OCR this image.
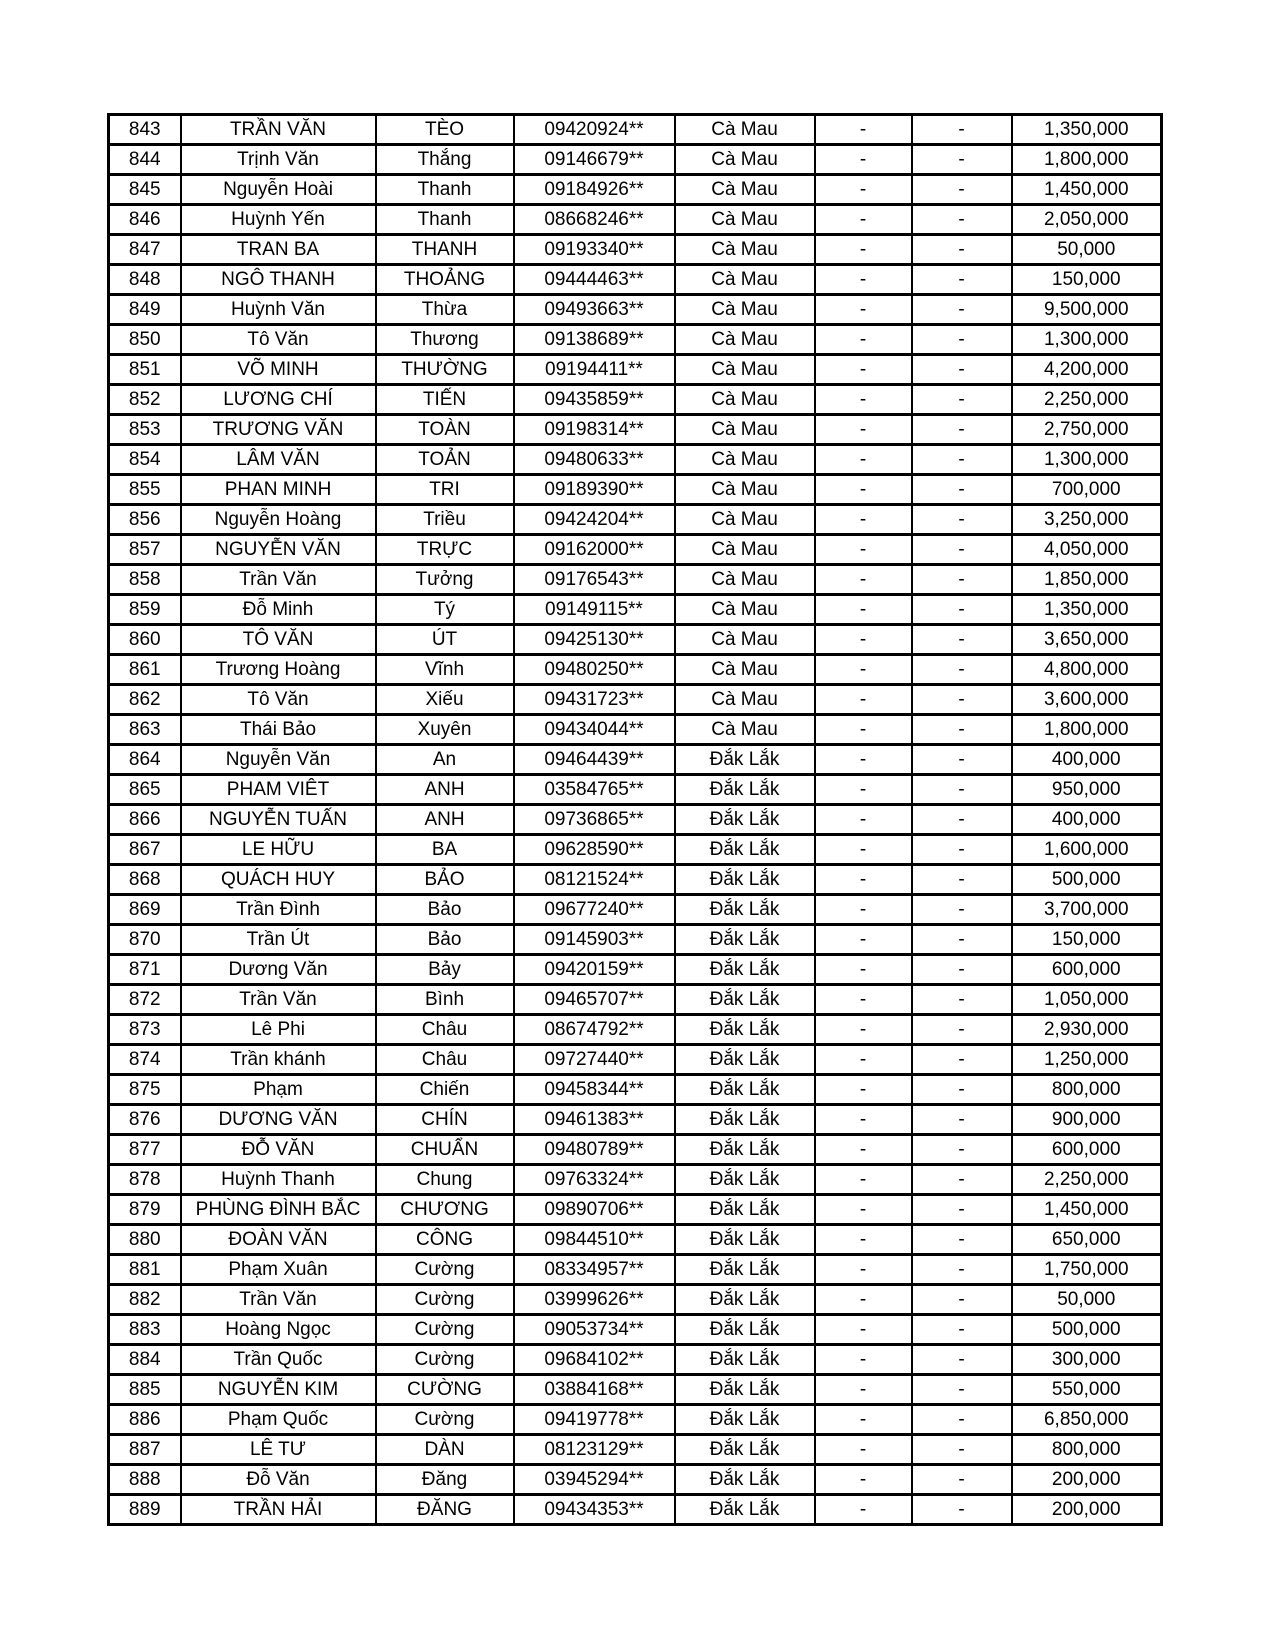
843	TRẦN VĂN	TÈO	09420924**	Cà Mau	-	-	1,350,000
844	Trịnh Văn	Thắng	09146679**	Cà Mau	-	-	1,800,000
845	Nguyễn Hoài	Thanh	09184926**	Cà Mau	-	-	1,450,000
846	Huỳnh Yến	Thanh	08668246**	Cà Mau	-	-	2,050,000
847	TRAN BA	THANH	09193340**	Cà Mau	-	-	50,000
848	NGÔ THANH	THOẢNG	09444463**	Cà Mau	-	-	150,000
849	Huỳnh Văn	Thừa	09493663**	Cà Mau	-	-	9,500,000
850	Tô Văn	Thương	09138689**	Cà Mau	-	-	1,300,000
851	VÕ MINH	THƯỜNG	09194411**	Cà Mau	-	-	4,200,000
852	LƯƠNG CHÍ	TIẾN	09435859**	Cà Mau	-	-	2,250,000
853	TRƯƠNG VĂN	TOÀN	09198314**	Cà Mau	-	-	2,750,000
854	LÂM VĂN	TOẢN	09480633**	Cà Mau	-	-	1,300,000
855	PHAN MINH	TRI	09189390**	Cà Mau	-	-	700,000
856	Nguyễn Hoàng	Triều	09424204**	Cà Mau	-	-	3,250,000
857	NGUYỄN VĂN	TRỰC	09162000**	Cà Mau	-	-	4,050,000
858	Trần Văn	Tưởng	09176543**	Cà Mau	-	-	1,850,000
859	Đỗ Minh	Tý	09149115**	Cà Mau	-	-	1,350,000
860	TÔ VĂN	ÚT	09425130**	Cà Mau	-	-	3,650,000
861	Trương Hoàng	Vĩnh	09480250**	Cà Mau	-	-	4,800,000
862	Tô Văn	Xiếu	09431723**	Cà Mau	-	-	3,600,000
863	Thái Bảo	Xuyên	09434044**	Cà Mau	-	-	1,800,000
864	Nguyễn Văn	An	09464439**	Đắk Lắk	-	-	400,000
865	PHAM VIÊT	ANH	03584765**	Đắk Lắk	-	-	950,000
866	NGUYỄN TUẤN	ANH	09736865**	Đắk Lắk	-	-	400,000
867	LE HỮU	BA	09628590**	Đắk Lắk	-	-	1,600,000
868	QUÁCH HUY	BẢO	08121524**	Đắk Lắk	-	-	500,000
869	Trần Đình	Bảo	09677240**	Đắk Lắk	-	-	3,700,000
870	Trần Út	Bảo	09145903**	Đắk Lắk	-	-	150,000
871	Dương Văn	Bảy	09420159**	Đắk Lắk	-	-	600,000
872	Trần Văn	Bình	09465707**	Đắk Lắk	-	-	1,050,000
873	Lê Phi	Châu	08674792**	Đắk Lắk	-	-	2,930,000
874	Trần khánh	Châu	09727440**	Đắk Lắk	-	-	1,250,000
875	Phạm	Chiến	09458344**	Đắk Lắk	-	-	800,000
876	DƯƠNG VĂN	CHÍN	09461383**	Đắk Lắk	-	-	900,000
877	ĐỖ VĂN	CHUẨN	09480789**	Đắk Lắk	-	-	600,000
878	Huỳnh Thanh	Chung	09763324**	Đắk Lắk	-	-	2,250,000
879	PHÙNG ĐÌNH BẮC	CHƯƠNG	09890706**	Đắk Lắk	-	-	1,450,000
880	ĐOÀN VĂN	CÔNG	09844510**	Đắk Lắk	-	-	650,000
881	Phạm Xuân	Cường	08334957**	Đắk Lắk	-	-	1,750,000
882	Trần Văn	Cường	03999626**	Đắk Lắk	-	-	50,000
883	Hoàng Ngọc	Cường	09053734**	Đắk Lắk	-	-	500,000
884	Trần Quốc	Cường	09684102**	Đắk Lắk	-	-	300,000
885	NGUYỄN KIM	CƯỜNG	03884168**	Đắk Lắk	-	-	550,000
886	Phạm Quốc	Cường	09419778**	Đắk Lắk	-	-	6,850,000
887	LÊ TƯ	DÀN	08123129**	Đắk Lắk	-	-	800,000
888	Đỗ Văn	Đăng	03945294**	Đắk Lắk	-	-	200,000
889	TRẦN HẢI	ĐĂNG	09434353**	Đắk Lắk	-	-	200,000
